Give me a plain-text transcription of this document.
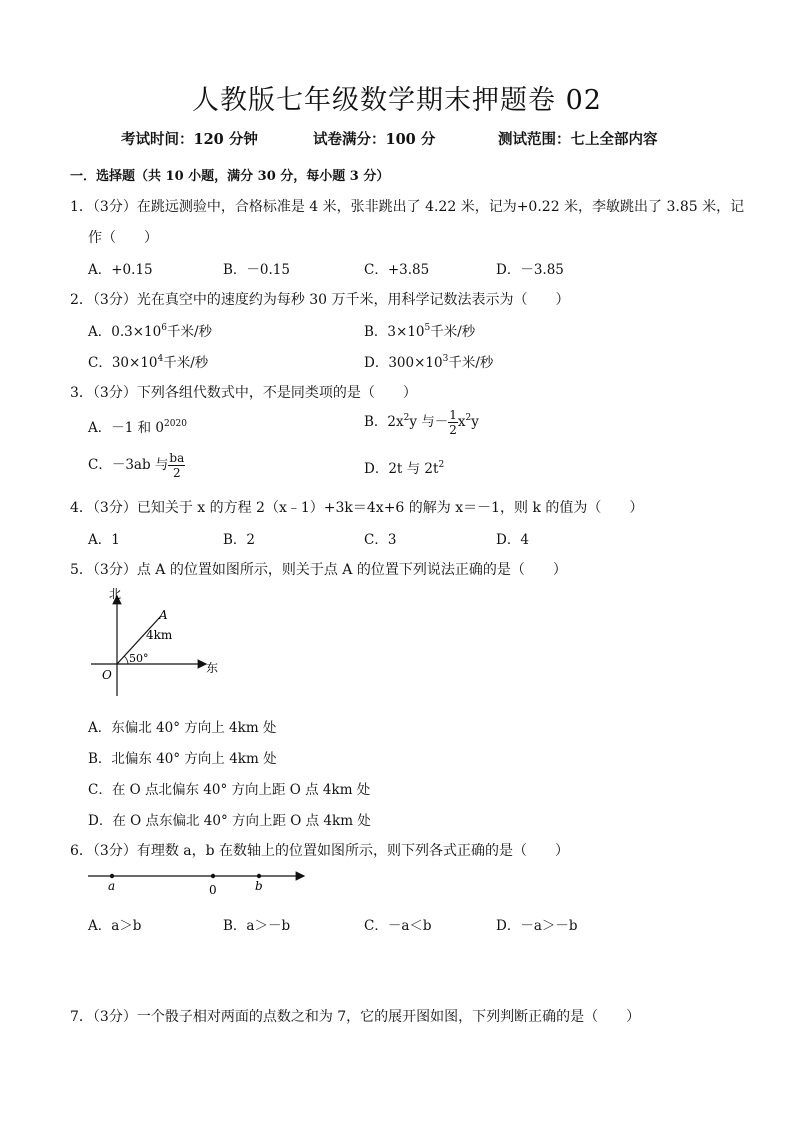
人教版七年级数学期末押题卷 02
考试时间：120 分钟	试卷满分：100 分	测试范围：七上全部内容
一．选择题（共 10 小题，满分 30 分，每小题 3 分）
1．（3分）在跳远测验中，合格标准是 4 米，张非跳出了 4.22 米，记为+0.22 米，李敏跳出了 3.85 米，记
作（　　）
A．+0.15	B．－0.15	C．+3.85	D．－3.85
2．（3分）光在真空中的速度约为每秒 30 万千米，用科学记数法表示为（　　）
A．$0.3\times 10^6$千米/秒	B．$3\times 10^5$千米/秒
C．$30\times 10^4$千米/秒	D．$300\times 10^3$千米/秒
3．（3分）下列各组代数式中，不是同类项的是（　　）
A．－1 和 $0^{2020}$	B．$2x^2y$ 与－ $\frac{1}{2} x^2y$
C．－3ab 与 $\frac{ba}{2}$	D．2t 与 $2t^2$
4．（3分）已知关于 x 的方程 2（x﹣1）+3k＝4x+6 的解为 x＝－1，则 k 的值为（　　）
A．1	B．2	C．3	D．4
5．（3分）点 A 的位置如图所示，则关于点 A 的位置下列说法正确的是（　　）
北
东
O
A
4km
50°
A．东偏北 40° 方向上 4km 处
B．北偏东 40° 方向上 4km 处
C．在 O 点北偏东 40° 方向上距 O 点 4km 处
D．在 O 点东偏北 40° 方向上距 O 点 4km 处
6．（3分）有理数 a，b 在数轴上的位置如图所示，则下列各式正确的是（　　）
a	0	b
A．a＞b	B．a＞－b	C．－a＜b	D．－a＞－b
7．（3分）一个骰子相对两面的点数之和为 7，它的展开图如图，下列判断正确的是（　　）
